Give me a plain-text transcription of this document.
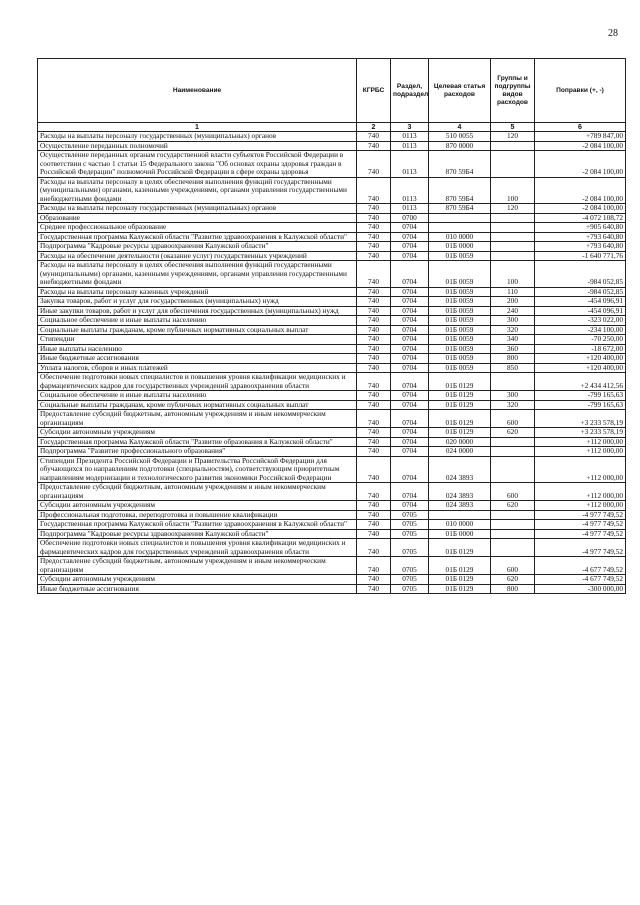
28
Наименование	КГРБС	Раздел, подраздел	Целевая статья расходов	Группы и подгруппы видов расходов	Поправки (+, -)
1	2	3	4	5	6
Расходы на выплаты персоналу государственных (муниципальных) органов	740	0113	510 0055	120	+789 847,00
Осуществление переданных полномочий	740	0113	870 0000		-2 084 100,00
Осуществление переданных органам государственной власти субъектов Российской Федерации в соответствии с частью 1 статьи 15 Федерального закона "Об основах охраны здоровья граждан в Российской Федерации" полномочий Российской Федерации в сфере охраны здоровья	740	0113	870 59Б4		-2 084 100,00
Расходы на выплаты персоналу в целях обеспечения выполнения функций государственными (муниципальными) органами, казенными учреждениями, органами управления государственными внебюджетными фондами	740	0113	870 59Б4	100	-2 084 100,00
Расходы на выплаты персоналу государственных (муниципальных) органов	740	0113	870 59Б4	120	-2 084 100,00
Образование	740	0700			-4 072 108,72
Среднее профессиональное образование	740	0704			+905 640,80
Государственная программа Калужской области "Развитие здравоохранения в Калужской области"	740	0704	010 0000		+793 640,80
Подпрограмма "Кадровые ресурсы здравоохранения Калужской области"	740	0704	01Б 0000		+793 640,80
Расходы на обеспечение деятельности (оказание услуг) государственных учреждений	740	0704	01Б 0059		-1 640 771,76
Расходы на выплаты персоналу в целях обеспечения выполнения функций государственными (муниципальными) органами, казенными учреждениями, органами управления государственными внебюджетными фондами	740	0704	01Б 0059	100	-984 052,85
Расходы на выплаты персоналу казенных учреждений	740	0704	01Б 0059	110	-984 052,85
Закупка товаров, работ и услуг для государственных (муниципальных) нужд	740	0704	01Б 0059	200	-454 096,91
Иные закупки товаров, работ и услуг для обеспечения государственных (муниципальных) нужд	740	0704	01Б 0059	240	-454 096,91
Социальное обеспечение и иные выплаты населению	740	0704	01Б 0059	300	-323 022,00
Социальные выплаты гражданам, кроме публичных нормативных социальных выплат	740	0704	01Б 0059	320	-234 100,00
Стипендии	740	0704	01Б 0059	340	-70 250,00
Иные выплаты населению	740	0704	01Б 0059	360	-18 672,00
Иные бюджетные ассигнования	740	0704	01Б 0059	800	+120 400,00
Уплата налогов, сборов и иных платежей	740	0704	01Б 0059	850	+120 400,00
Обеспечение подготовки новых специалистов и повышения уровня квалификации медицинских и фармацевтических кадров для государственных учреждений здравоохранения области	740	0704	01Б 0129		+2 434 412,56
Социальное обеспечение и иные выплаты населению	740	0704	01Б 0129	300	-799 165,63
Социальные выплаты гражданам, кроме публичных нормативных социальных выплат	740	0704	01Б 0129	320	-799 165,63
Предоставление субсидий бюджетным, автономным учреждениям и иным некоммерческим организациям	740	0704	01Б 0129	600	+3 233 578,19
Субсидии автономным учреждениям	740	0704	01Б 0129	620	+3 233 578,19
Государственная программа Калужской области "Развитие образования в Калужской области"	740	0704	020 0000		+112 000,00
Подпрограмма "Развитие профессионального образования"	740	0704	024 0000		+112 000,00
Стипендии Президента Российской Федерации и Правительства Российской Федерации для обучающихся по направлениям подготовки (специальностям), соответствующим приоритетным направлениям модернизации и технологического развития экономики Российской Федерации	740	0704	024 3893		+112 000,00
Предоставление субсидий бюджетным, автономным учреждениям и иным некоммерческим организациям	740	0704	024 3893	600	+112 000,00
Субсидии автономным учреждениям	740	0704	024 3893	620	+112 000,00
Профессиональная подготовка, переподготовка и повышение квалификации	740	0705			-4 977 749,52
Государственная программа Калужской области "Развитие здравоохранения в Калужской области"	740	0705	010 0000		-4 977 749,52
Подпрограмма "Кадровые ресурсы здравоохранения Калужской области"	740	0705	01Б 0000		-4 977 749,52
Обеспечение подготовки новых специалистов и повышения уровня квалификации медицинских и фармацевтических кадров для государственных учреждений здравоохранения области	740	0705	01Б 0129		-4 977 749,52
Предоставление субсидий бюджетным, автономным учреждениям и иным некоммерческим организациям	740	0705	01Б 0129	600	-4 677 749,52
Субсидии автономным учреждениям	740	0705	01Б 0129	620	-4 677 749,52
Иные бюджетные ассигнования	740	0705	01Б 0129	800	-300 000,00
